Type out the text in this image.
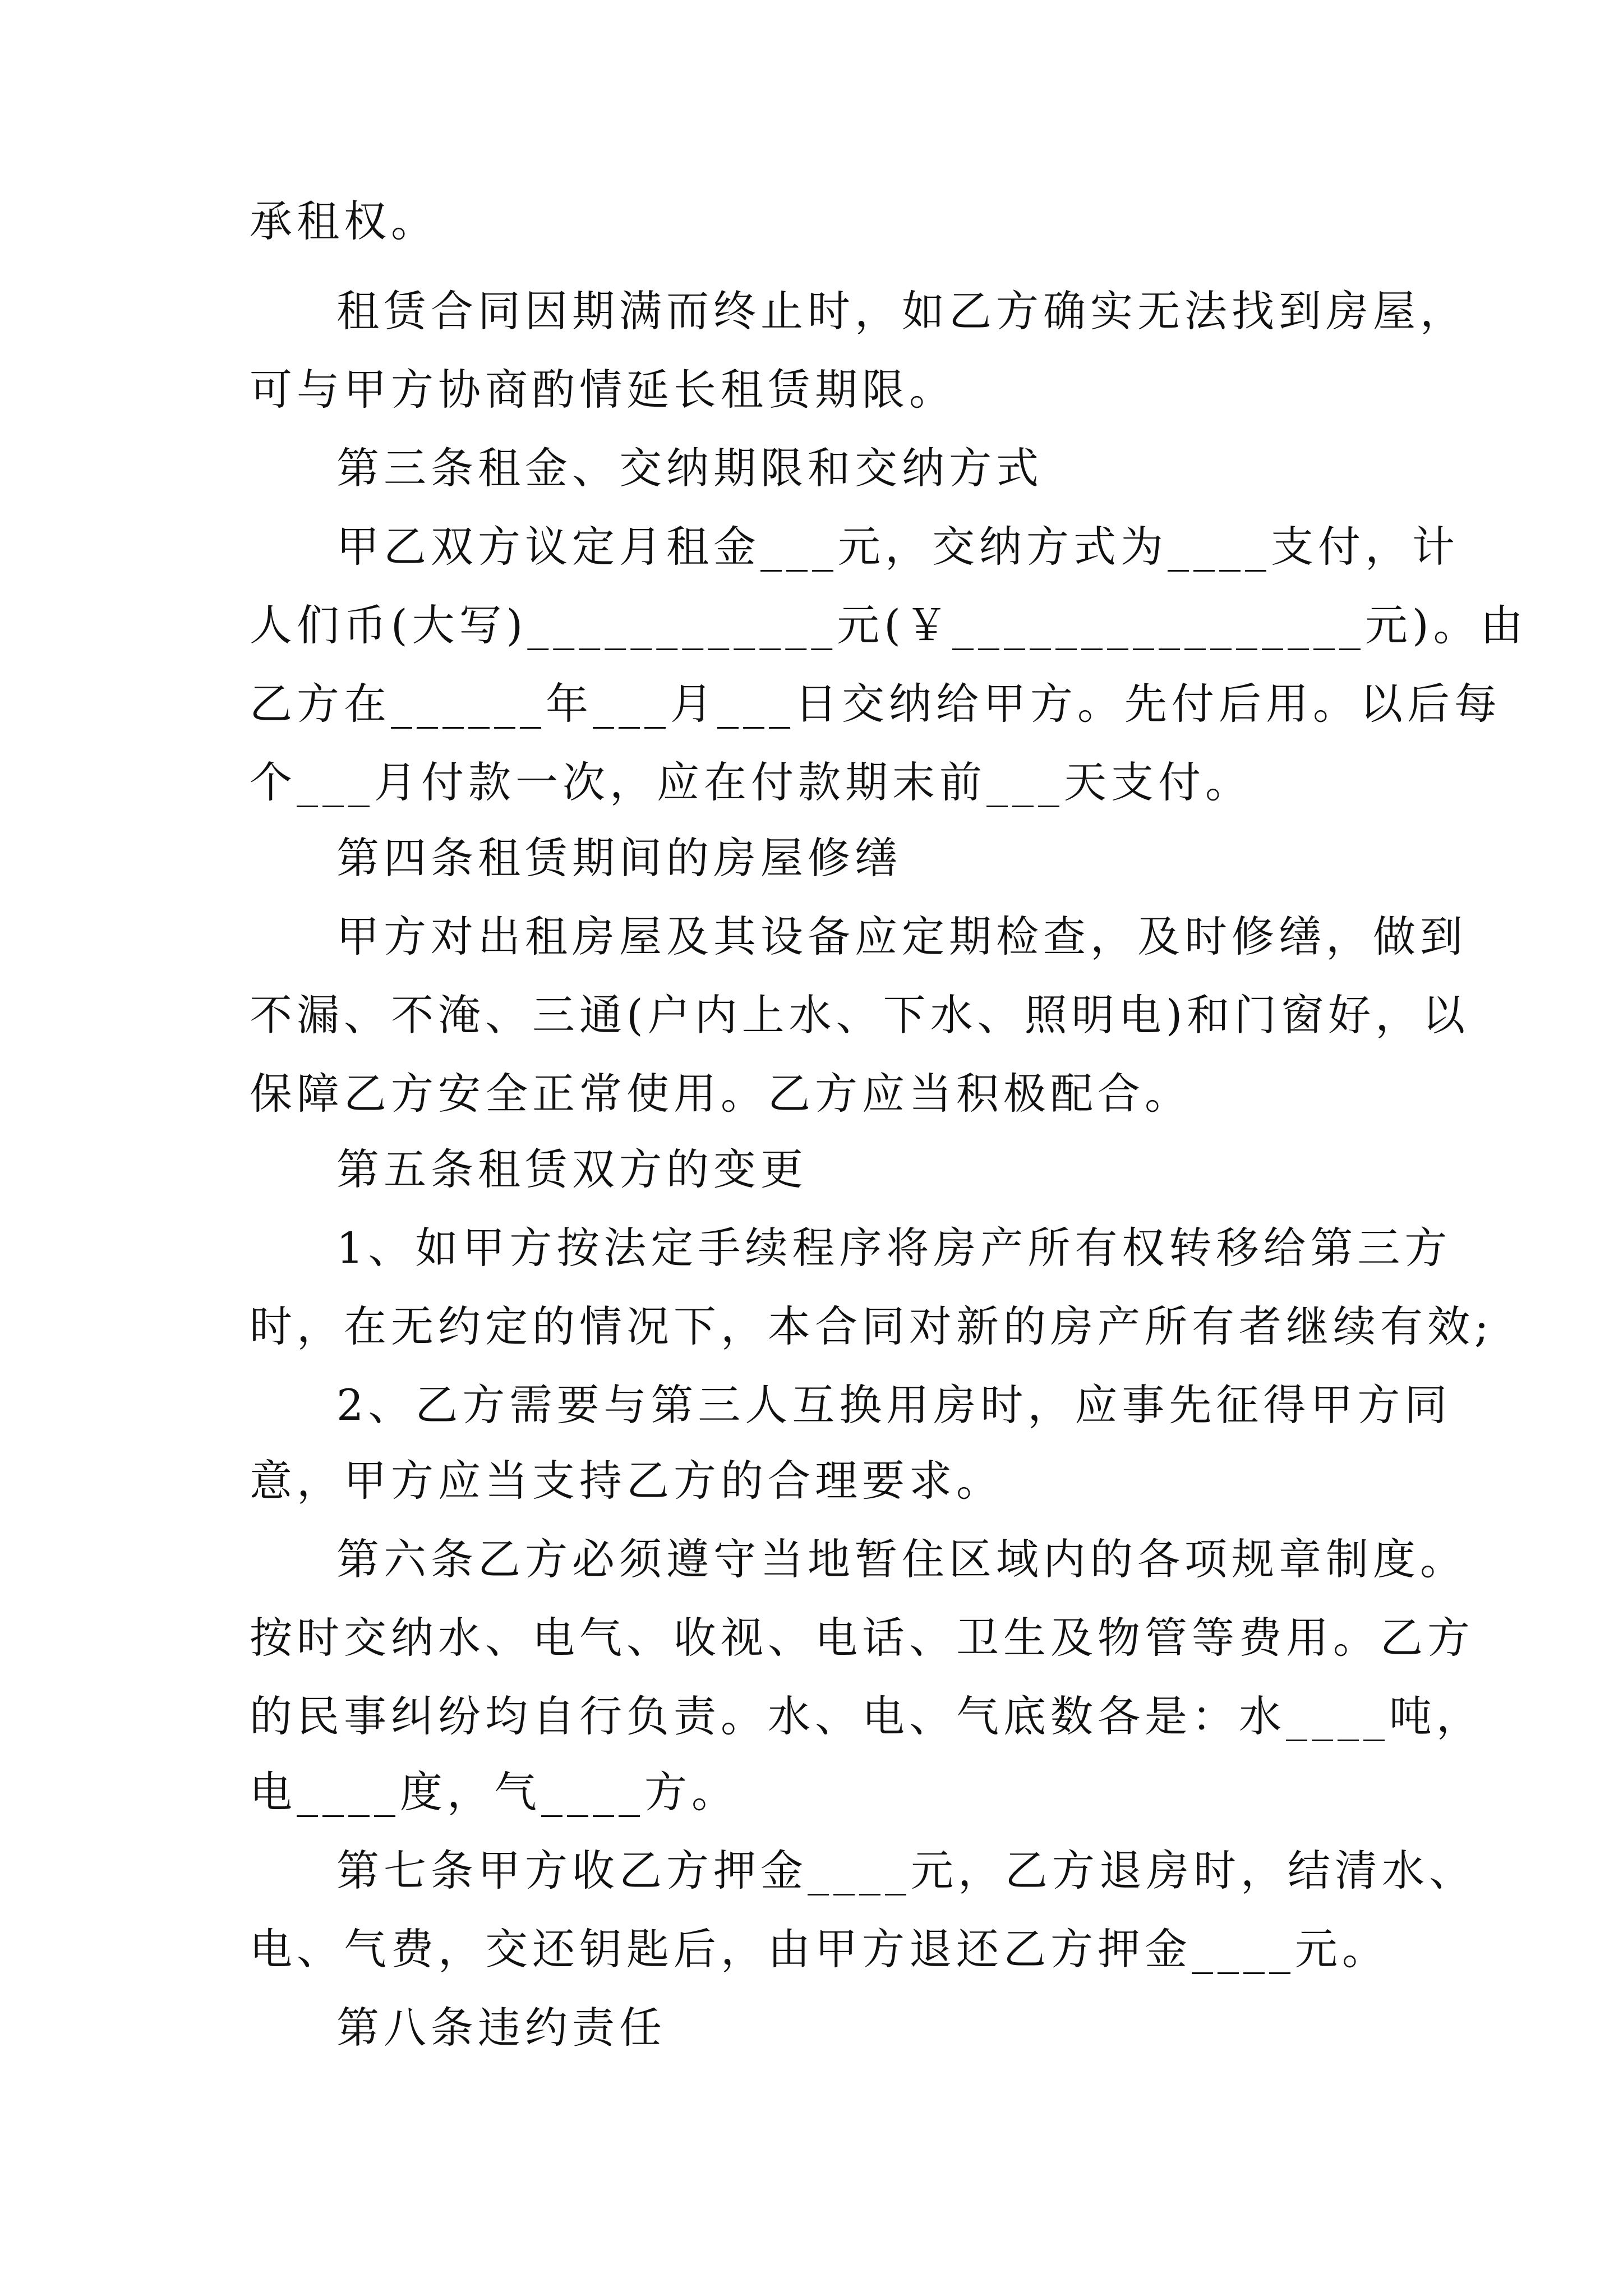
承租权。
租赁合同因期满而终止时，如乙方确实无法找到房屋，
可与甲方协商酌情延长租赁期限。
第三条租金、交纳期限和交纳方式
甲乙双方议定月租金___元，交纳方式为____支付，计
人们币(大写)____________元(￥________________元)。由
乙方在______年___月___日交纳给甲方。先付后用。以后每
个___月付款一次，应在付款期末前___天支付。
第四条租赁期间的房屋修缮
甲方对出租房屋及其设备应定期检查，及时修缮，做到
不漏、不淹、三通(户内上水、下水、照明电)和门窗好，以
保障乙方安全正常使用。乙方应当积极配合。
第五条租赁双方的变更
1、如甲方按法定手续程序将房产所有权转移给第三方
时，在无约定的情况下，本合同对新的房产所有者继续有效;
2、乙方需要与第三人互换用房时，应事先征得甲方同
意，甲方应当支持乙方的合理要求。
第六条乙方必须遵守当地暂住区域内的各项规章制度。
按时交纳水、电气、收视、电话、卫生及物管等费用。乙方
的民事纠纷均自行负责。水、电、气底数各是：水____吨，
电____度，气____方。
第七条甲方收乙方押金____元，乙方退房时，结清水、
电、气费，交还钥匙后，由甲方退还乙方押金____元。
第八条违约责任
